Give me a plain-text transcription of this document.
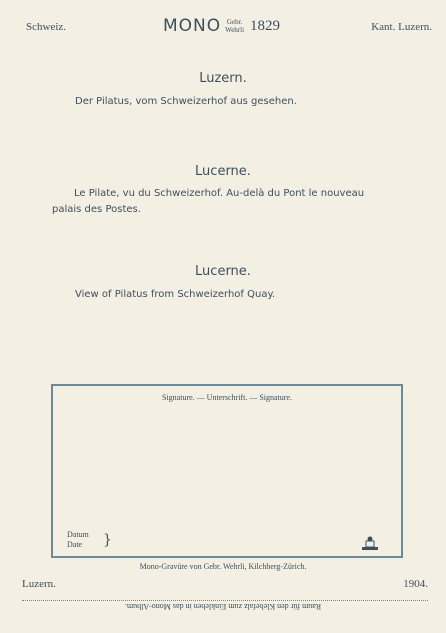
Schweiz.	MONO Gebr.
Wehrli 1829	Kant. Luzern.
Luzern.
Der Pilatus, vom Schweizerhof aus gesehen.
Lucerne.
Le Pilate, vu du Schweizerhof. Au-delà du Pont le nouveau
palais des Postes.
Lucerne.
View of Pilatus from Schweizerhof Quay.
Signature. — Unterschrift. — Signature.
Datum
Date	}
Mono-Gravüre von Gebr. Wehrli, Kilchberg-Zürich.
Luzern.	1904.
Raum für den Klebefalz zum Einkleben in das Mono-Album.
